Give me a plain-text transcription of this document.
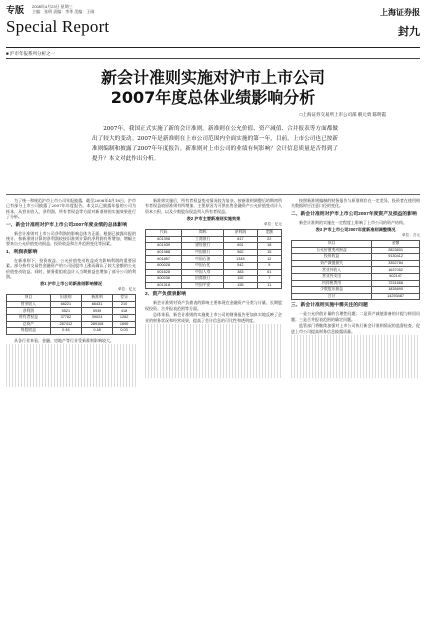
专版 2008年4月23日 星期三
主编：张明 责编：李华 美编：王刚
Special Report
上海证券报
封九
■ 沪市年报系列分析之一
新会计准则实施对沪市上市公司
2007年度总体业绩影响分析
□上海证券交易所上市公司部 朝元勇 陈明霞
2007年，我国正式实施了新的会计准则。新准则在公允价值、资产减值、合并报表等方面都做出了较大的变动。2007年是新准则在上市公司范围内全面实施的第一年，目前，上市公司也已按新准则编制和披露了2007年年度报告。新准则对上市公司的业绩有何影响？会计信息质量是否得到了提升？本文对此作出分析。

为了统一和规范沪市上市公司年报披露，截至2008年4月18日，沪市已有部分上市公司披露了2007年年度报告。本文以已披露年报的公司为样本，从营业收入、净利润、所有者权益等方面对新准则的实施效果进行了分析。

一、新会计准则对沪市上市公司2007年度业绩的总体影响

新会计准则对上市公司净利润的影响总体为正面。根据已披露年报的统计，按新准则计算的净利润较按旧准则计算的净利润有所增加，增幅主要来自公允价值变动损益、投资收益和合并范围变化等因素。

1．利润表影响

在新准则下，投资收益、公允价值变动收益成为影响利润的重要因素。部分持有交易性金融资产的公司因股市上涨而确认了较大金额的公允价值变动收益。同时，债务重组收益计入当期损益也增加了部分公司的利润。

表1 沪市上市公司新准则影响情况
单位：亿元
项目	旧准则	新准则	差异
营业收入	66221	66431	210
净利润	5521	5939	418
所有者权益	37762	39024	1262
总资产	287412	289108	1696
每股收益	0.45	0.48	0.03

从各行业来看，金融、房地产等行业受新准则影响较大。

新准则实施后，所有者权益变动情况较为复杂。按新准则调整后的期初所有者权益较原准则有所增加，主要原因为可供出售金融资产公允价值变动计入资本公积，以及少数股东权益列入所有者权益。

表2 沪市主要新准则实施效果
单位：亿元
代码	简称	净利润	差额
601398	工商银行	817	22
601939	建设银行	691	18
601988	中国银行	562	15
601857	中国石油	1345	12
600028	中国石化	542	9
601628	中国人寿	383	61
600036	招商银行	152	7
601318	中国平安	155	11
2．资产负债表影响

新会计准则对资产负债表的影响主要体现在金融资产分类与计量、长期股权投资、合并报表范围等方面。

总体来看，新会计准则的实施使上市公司的财务报告更加真实地反映了企业的财务状况和经营成果，提高了会计信息的可比性和透明度。

按照新准则编制的财务报告与原准则存在一定差异，投资者在使用相关数据时应注意口径的变化。

二、新会计准则对沪市上市公司2007年度资产及损益的影响

新会计准则的实施在一定程度上影响了上市公司的资产结构。

表3 沪市上市公司2007年度新准则调整情况
单位：万元
项目	金额
公允价值变动损益	2823501
投资收益	9130412
资产减值损失	3352784
营业外收入	1637052
营业外支出	502147
所得税费用	7231568
少数股东损益	1835690
合计	14293487
三、新会计准则实施中需关注的问题

一是公允价值计量的合理性问题；二是资产减值准备的计提与转回问题；三是合并报表范围的确定问题。

监管部门将继续加强对上市公司执行新会计准则情况的监督检查，促进上市公司提高财务信息披露质量。
